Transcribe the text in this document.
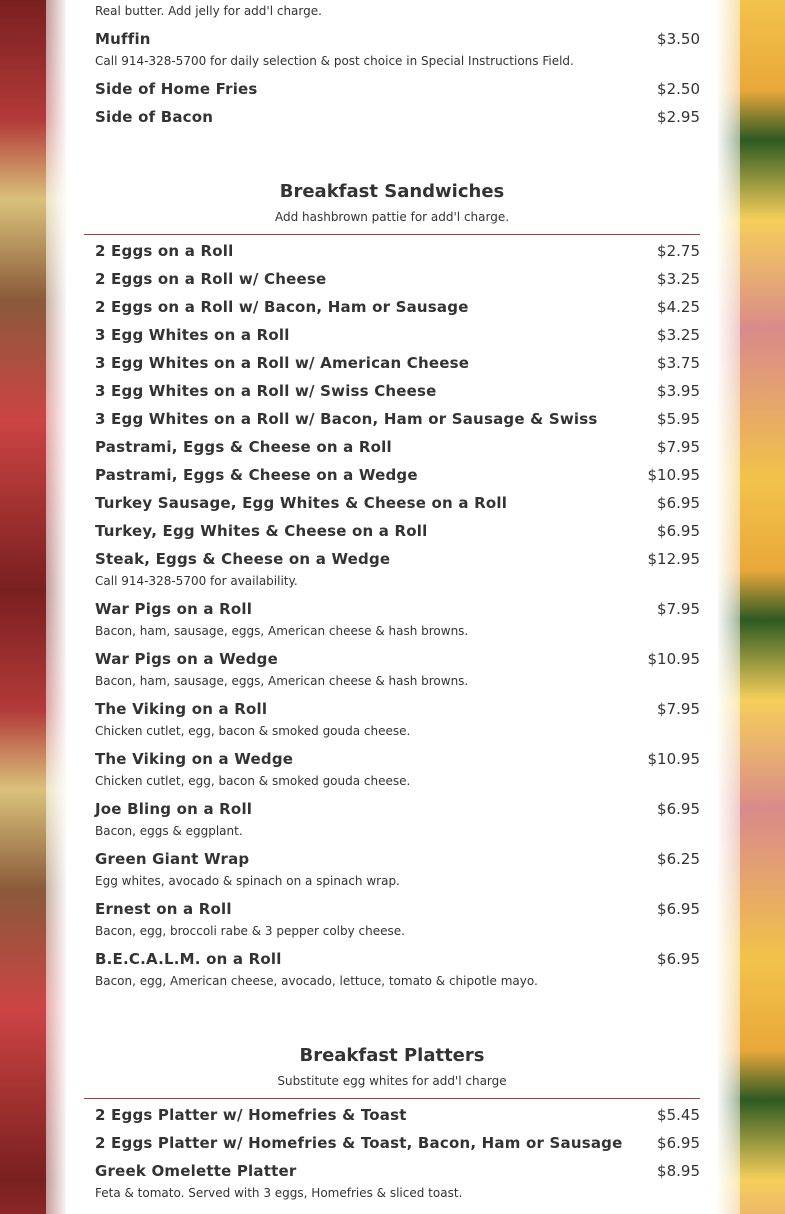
Real butter. Add jelly for add'l charge.
Muffin	$3.50
Call 914-328-5700 for daily selection & post choice in Special Instructions Field.
Side of Home Fries	$2.50
Side of Bacon	$2.95
Breakfast Sandwiches
Add hashbrown pattie for add'l charge.
2 Eggs on a Roll	$2.75
2 Eggs on a Roll w/ Cheese	$3.25
2 Eggs on a Roll w/ Bacon, Ham or Sausage	$4.25
3 Egg Whites on a Roll	$3.25
3 Egg Whites on a Roll w/ American Cheese	$3.75
3 Egg Whites on a Roll w/ Swiss Cheese	$3.95
3 Egg Whites on a Roll w/ Bacon, Ham or Sausage & Swiss	$5.95
Pastrami, Eggs & Cheese on a Roll	$7.95
Pastrami, Eggs & Cheese on a Wedge	$10.95
Turkey Sausage, Egg Whites & Cheese on a Roll	$6.95
Turkey, Egg Whites & Cheese on a Roll	$6.95
Steak, Eggs & Cheese on a Wedge	$12.95
Call 914-328-5700 for availability.
War Pigs on a Roll	$7.95
Bacon, ham, sausage, eggs, American cheese & hash browns.
War Pigs on a Wedge	$10.95
Bacon, ham, sausage, eggs, American cheese & hash browns.
The Viking on a Roll	$7.95
Chicken cutlet, egg, bacon & smoked gouda cheese.
The Viking on a Wedge	$10.95
Chicken cutlet, egg, bacon & smoked gouda cheese.
Joe Bling on a Roll	$6.95
Bacon, eggs & eggplant.
Green Giant Wrap	$6.25
Egg whites, avocado & spinach on a spinach wrap.
Ernest on a Roll	$6.95
Bacon, egg, broccoli rabe & 3 pepper colby cheese.
B.E.C.A.L.M. on a Roll	$6.95
Bacon, egg, American cheese, avocado, lettuce, tomato & chipotle mayo.
Breakfast Platters
Substitute egg whites for add'l charge
2 Eggs Platter w/ Homefries & Toast	$5.45
2 Eggs Platter w/ Homefries & Toast, Bacon, Ham or Sausage $6.95
Greek Omelette Platter	$8.95
Feta & tomato. Served with 3 eggs, Homefries & sliced toast.
